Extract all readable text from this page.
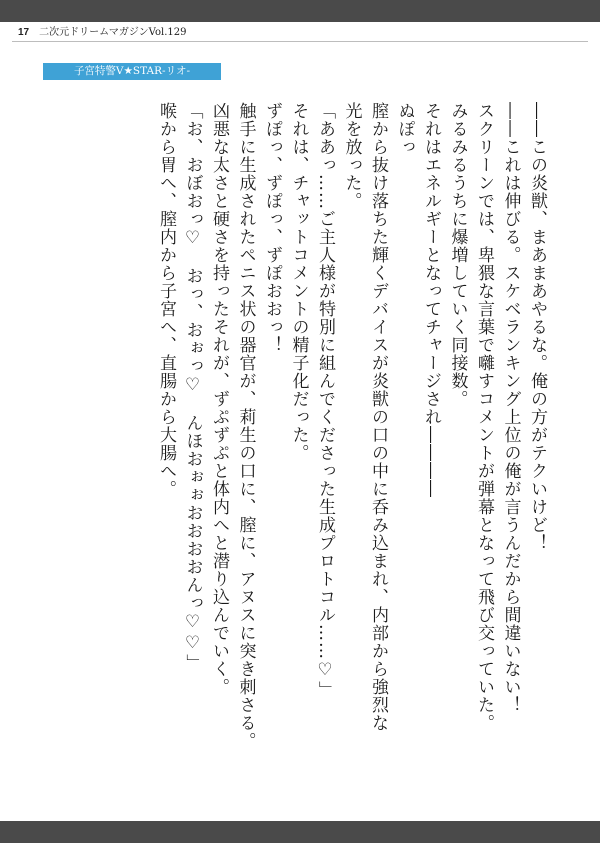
17 二次元ドリームマガジンVol.129
子宮特警V★STAR-リオ-

――この炎獣、まあまあやるな。俺の方がテクいけど！

――これは伸びる。スケベランキング上位の俺が言うんだから間違いない！

スクリーンでは、卑猥な言葉で囃すコメントが弾幕となって飛び交っていた。

みるみるうちに爆増していく同接数。

それはエネルギーとなってチャージされ――――

ぬぽっ

膣から抜け落ちた輝くデバイスが炎獣の口の中に呑み込まれ、内部から強烈な

光を放った。

「ああっ……ご主人様が特別に組んでくださった生成プロトコル……♡」

それは、チャットコメントの精子化だった。

ずぽっ、ずぽっ、ずぽおおっ！

触手に生成されたペニス状の器官が、莉生の口に、膣に、アヌスに突き刺さる。

凶悪な太さと硬さを持ったそれが、ずぷずぷと体内へと潜り込んでいく。

「お、おぼおっ♡　おっ、おぉっ♡　んほおぉぉおおおおんっ♡♡」

喉から胃へ、膣内から子宮へ、直腸から大腸へ。
